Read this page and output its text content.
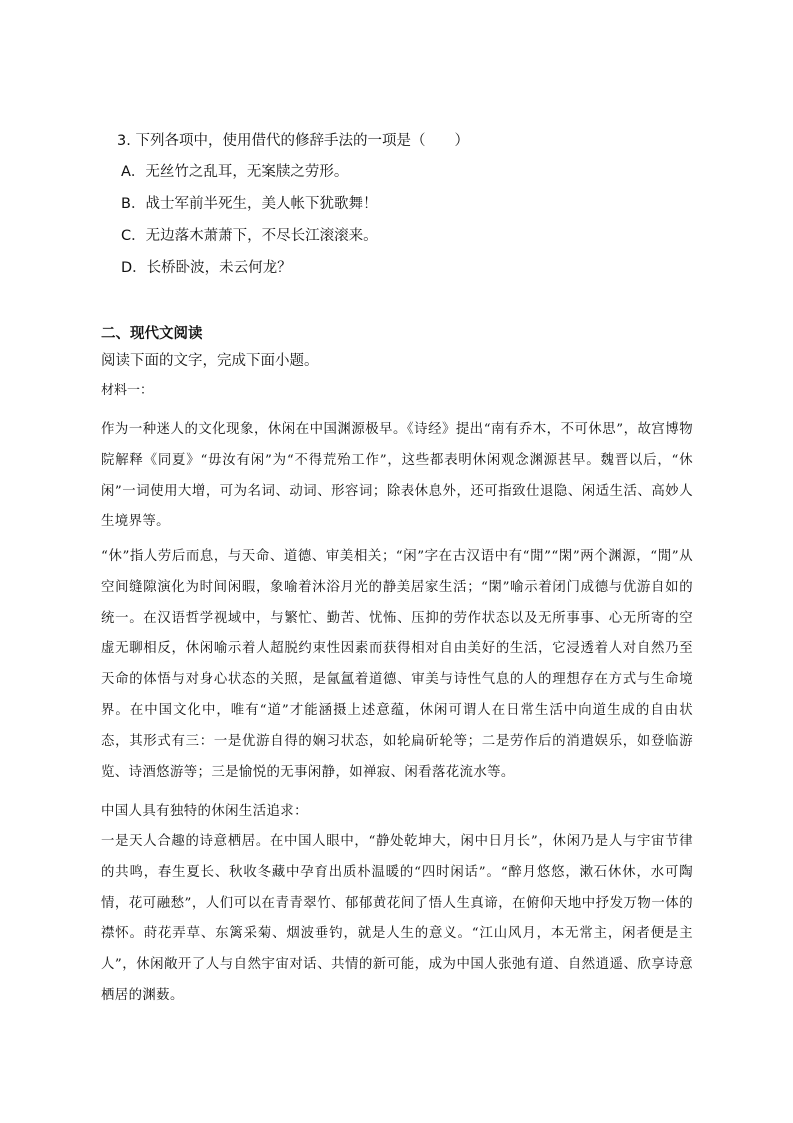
3. 下列各项中，使用借代的修辞手法的一项是（　　）

A．无丝竹之乱耳，无案牍之劳形。

B．战士军前半死生，美人帐下犹歌舞！

C．无边落木萧萧下，不尽长江滚滚来。

D．长桥卧波，未云何龙？

二、现代文阅读

阅读下面的文字，完成下面小题。

材料一：

作为一种迷人的文化现象，休闲在中国渊源极早。《诗经》提出“南有乔木，不可休思”，故宫博物院解释《同夏》“毋汝有闲”为“不得荒殆工作”，这些都表明休闲观念渊源甚早。魏晋以后，“休闲”一词使用大增，可为名词、动词、形容词；除表休息外，还可指致仕退隐、闲适生活、高妙人生境界等。

“休”指人劳后而息，与天命、道德、审美相关；“闲”字在古汉语中有“閒”“閑”两个渊源，“閒”从空间缝隙演化为时间闲暇，象喻着沐浴月光的静美居家生活；“閑”喻示着闭门成德与优游自如的统一。在汉语哲学视域中，与繁忙、勤苦、忧怖、压抑的劳作状态以及无所事事、心无所寄的空虚无聊相反，休闲喻示着人超脱约束性因素而获得相对自由美好的生活，它浸透着人对自然乃至天命的体悟与对身心状态的关照，是氤氲着道德、审美与诗性气息的人的理想存在方式与生命境界。在中国文化中，唯有“道”才能涵摄上述意蕴，休闲可谓人在日常生活中向道生成的自由状态，其形式有三：一是优游自得的娴习状态，如轮扁斫轮等；二是劳作后的消遣娱乐，如登临游览、诗酒悠游等；三是愉悦的无事闲静，如禅寂、闲看落花流水等。

中国人具有独特的休闲生活追求：

一是天人合趣的诗意栖居。在中国人眼中，“静处乾坤大，闲中日月长”，休闲乃是人与宇宙节律的共鸣，春生夏长、秋收冬藏中孕育出质朴温暖的“四时闲话”。“醉月悠悠，漱石休休，水可陶情，花可融愁”，人们可以在青青翠竹、郁郁黄花间了悟人生真谛，在俯仰天地中抒发万物一体的襟怀。莳花弄草、东篱采菊、烟波垂钓，就是人生的意义。“江山风月，本无常主，闲者便是主人”，休闲敞开了人与自然宇宙对话、共情的新可能，成为中国人张弛有道、自然逍遥、欣享诗意栖居的渊薮。
